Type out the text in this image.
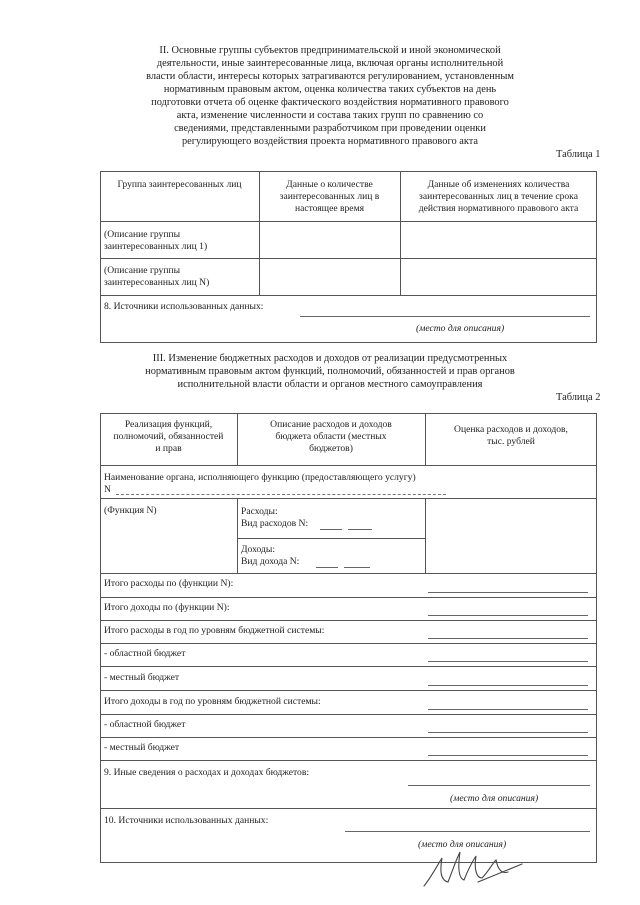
II. Основные группы субъектов предпринимательской и иной экономической
деятельности, иные заинтересованные лица, включая органы исполнительной
власти области, интересы которых затрагиваются регулированием, установленным
нормативным правовым актом, оценка количества таких субъектов на день
подготовки отчета об оценке фактического воздействия нормативного правового
акта, изменение численности и состава таких групп по сравнению со
сведениями, представленными разработчиком при проведении оценки
регулирующего воздействия проекта нормативного правового акта
Таблица 1
Группа заинтересованных лиц	Данные о количестве
заинтересованных лиц в
настоящее время
Данные об изменениях количества
заинтересованных лиц в течение срока
действия нормативного правового акта
(Описание группы
заинтересованных лиц 1)
(Описание группы
заинтересованных лиц N)
8. Источники использованных данных:
(место для описания)
III. Изменение бюджетных расходов и доходов от реализации предусмотренных
нормативным правовым актом функций, полномочий, обязанностей и прав органов
исполнительной власти области и органов местного самоуправления
Таблица 2
Реализация функций,
полномочий, обязанностей
и прав
Описание расходов и доходов
бюджета области (местных
бюджетов)
Оценка расходов и доходов,
тыс. рублей
Наименование органа, исполняющего функцию (предоставляющего услугу)
N
(Функция N)	Расходы:
Вид расходов N:
Доходы:
Вид дохода N:
Итого расходы по (функции N):
Итого доходы по (функции N):
Итого расходы в год по уровням бюджетной системы:
- областной бюджет
- местный бюджет
Итого доходы в год по уровням бюджетной системы:
- областной бюджет
- местный бюджет
9. Иные сведения о расходах и доходах бюджетов:
(место для описания)
10. Источники использованных данных:
(место для описания)
